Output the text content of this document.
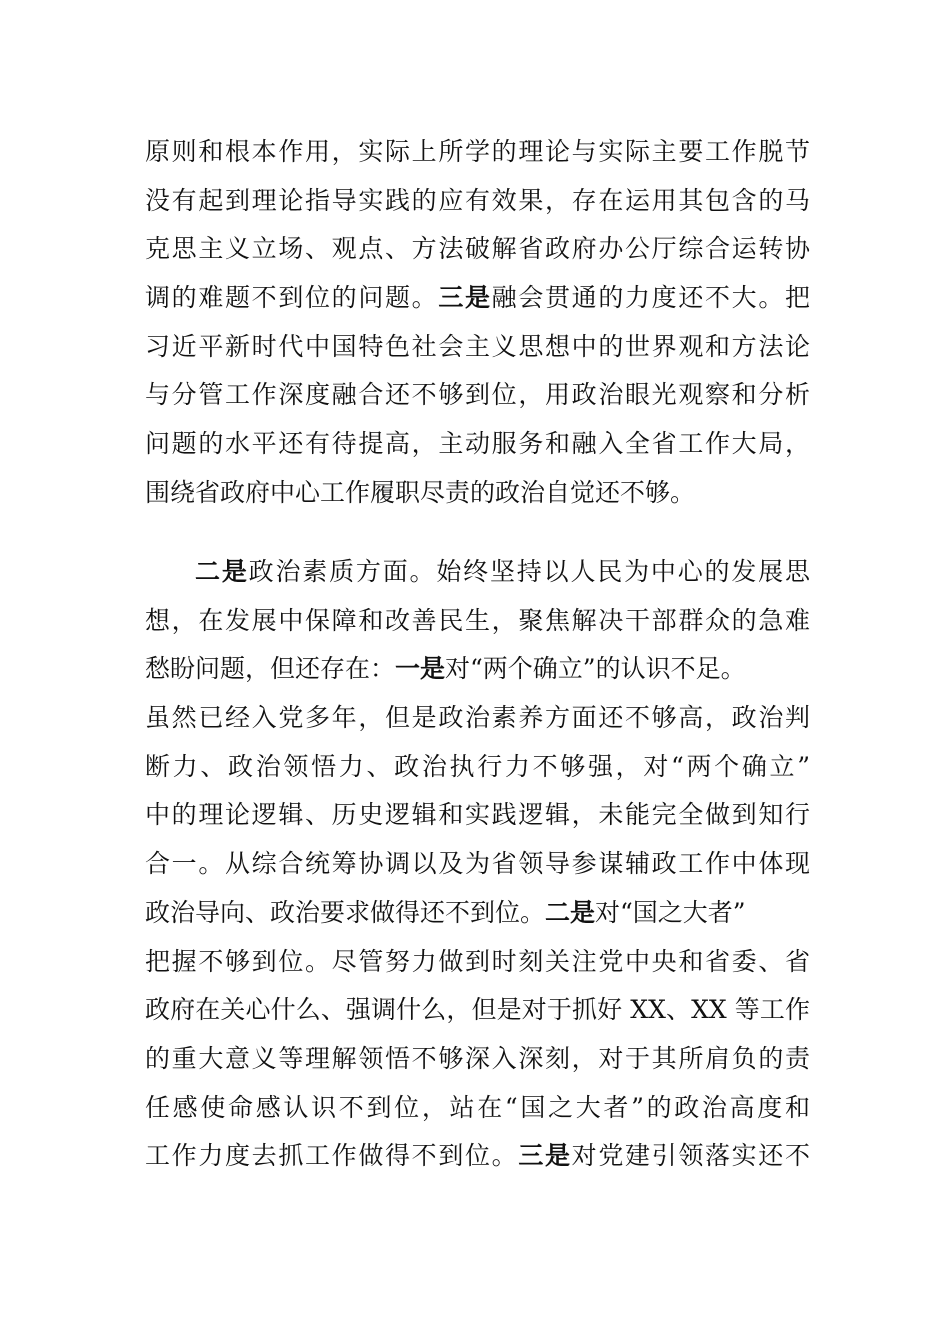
原则和根本作用，实际上所学的理论与实际主要工作脱节
没有起到理论指导实践的应有效果，存在运用其包含的马
克思主义立场、观点、方法破解省政府办公厅综合运转协
调的难题不到位的问题。三是融会贯通的力度还不大。把
习近平新时代中国特色社会主义思想中的世界观和方法论
与分管工作深度融合还不够到位，用政治眼光观察和分析
问题的水平还有待提高，主动服务和融入全省工作大局，
围绕省政府中心工作履职尽责的政治自觉还不够。
二是政治素质方面。始终坚持以人民为中心的发展思
想，在发展中保障和改善民生，聚焦解决干部群众的急难
愁盼问题，但还存在：一是对“两个确立”的认识不足。
虽然已经入党多年，但是政治素养方面还不够高，政治判
断力、政治领悟力、政治执行力不够强，对“两个确立”
中的理论逻辑、历史逻辑和实践逻辑，未能完全做到知行
合一。从综合统筹协调以及为省领导参谋辅政工作中体现
政治导向、政治要求做得还不到位。二是对“国之大者”
把握不够到位。尽管努力做到时刻关注党中央和省委、省
政府在关心什么、强调什么，但是对于抓好 XX、XX 等工作
的重大意义等理解领悟不够深入深刻，对于其所肩负的责
任感使命感认识不到位，站在“国之大者”的政治高度和
工作力度去抓工作做得不到位。三是对党建引领落实还不
